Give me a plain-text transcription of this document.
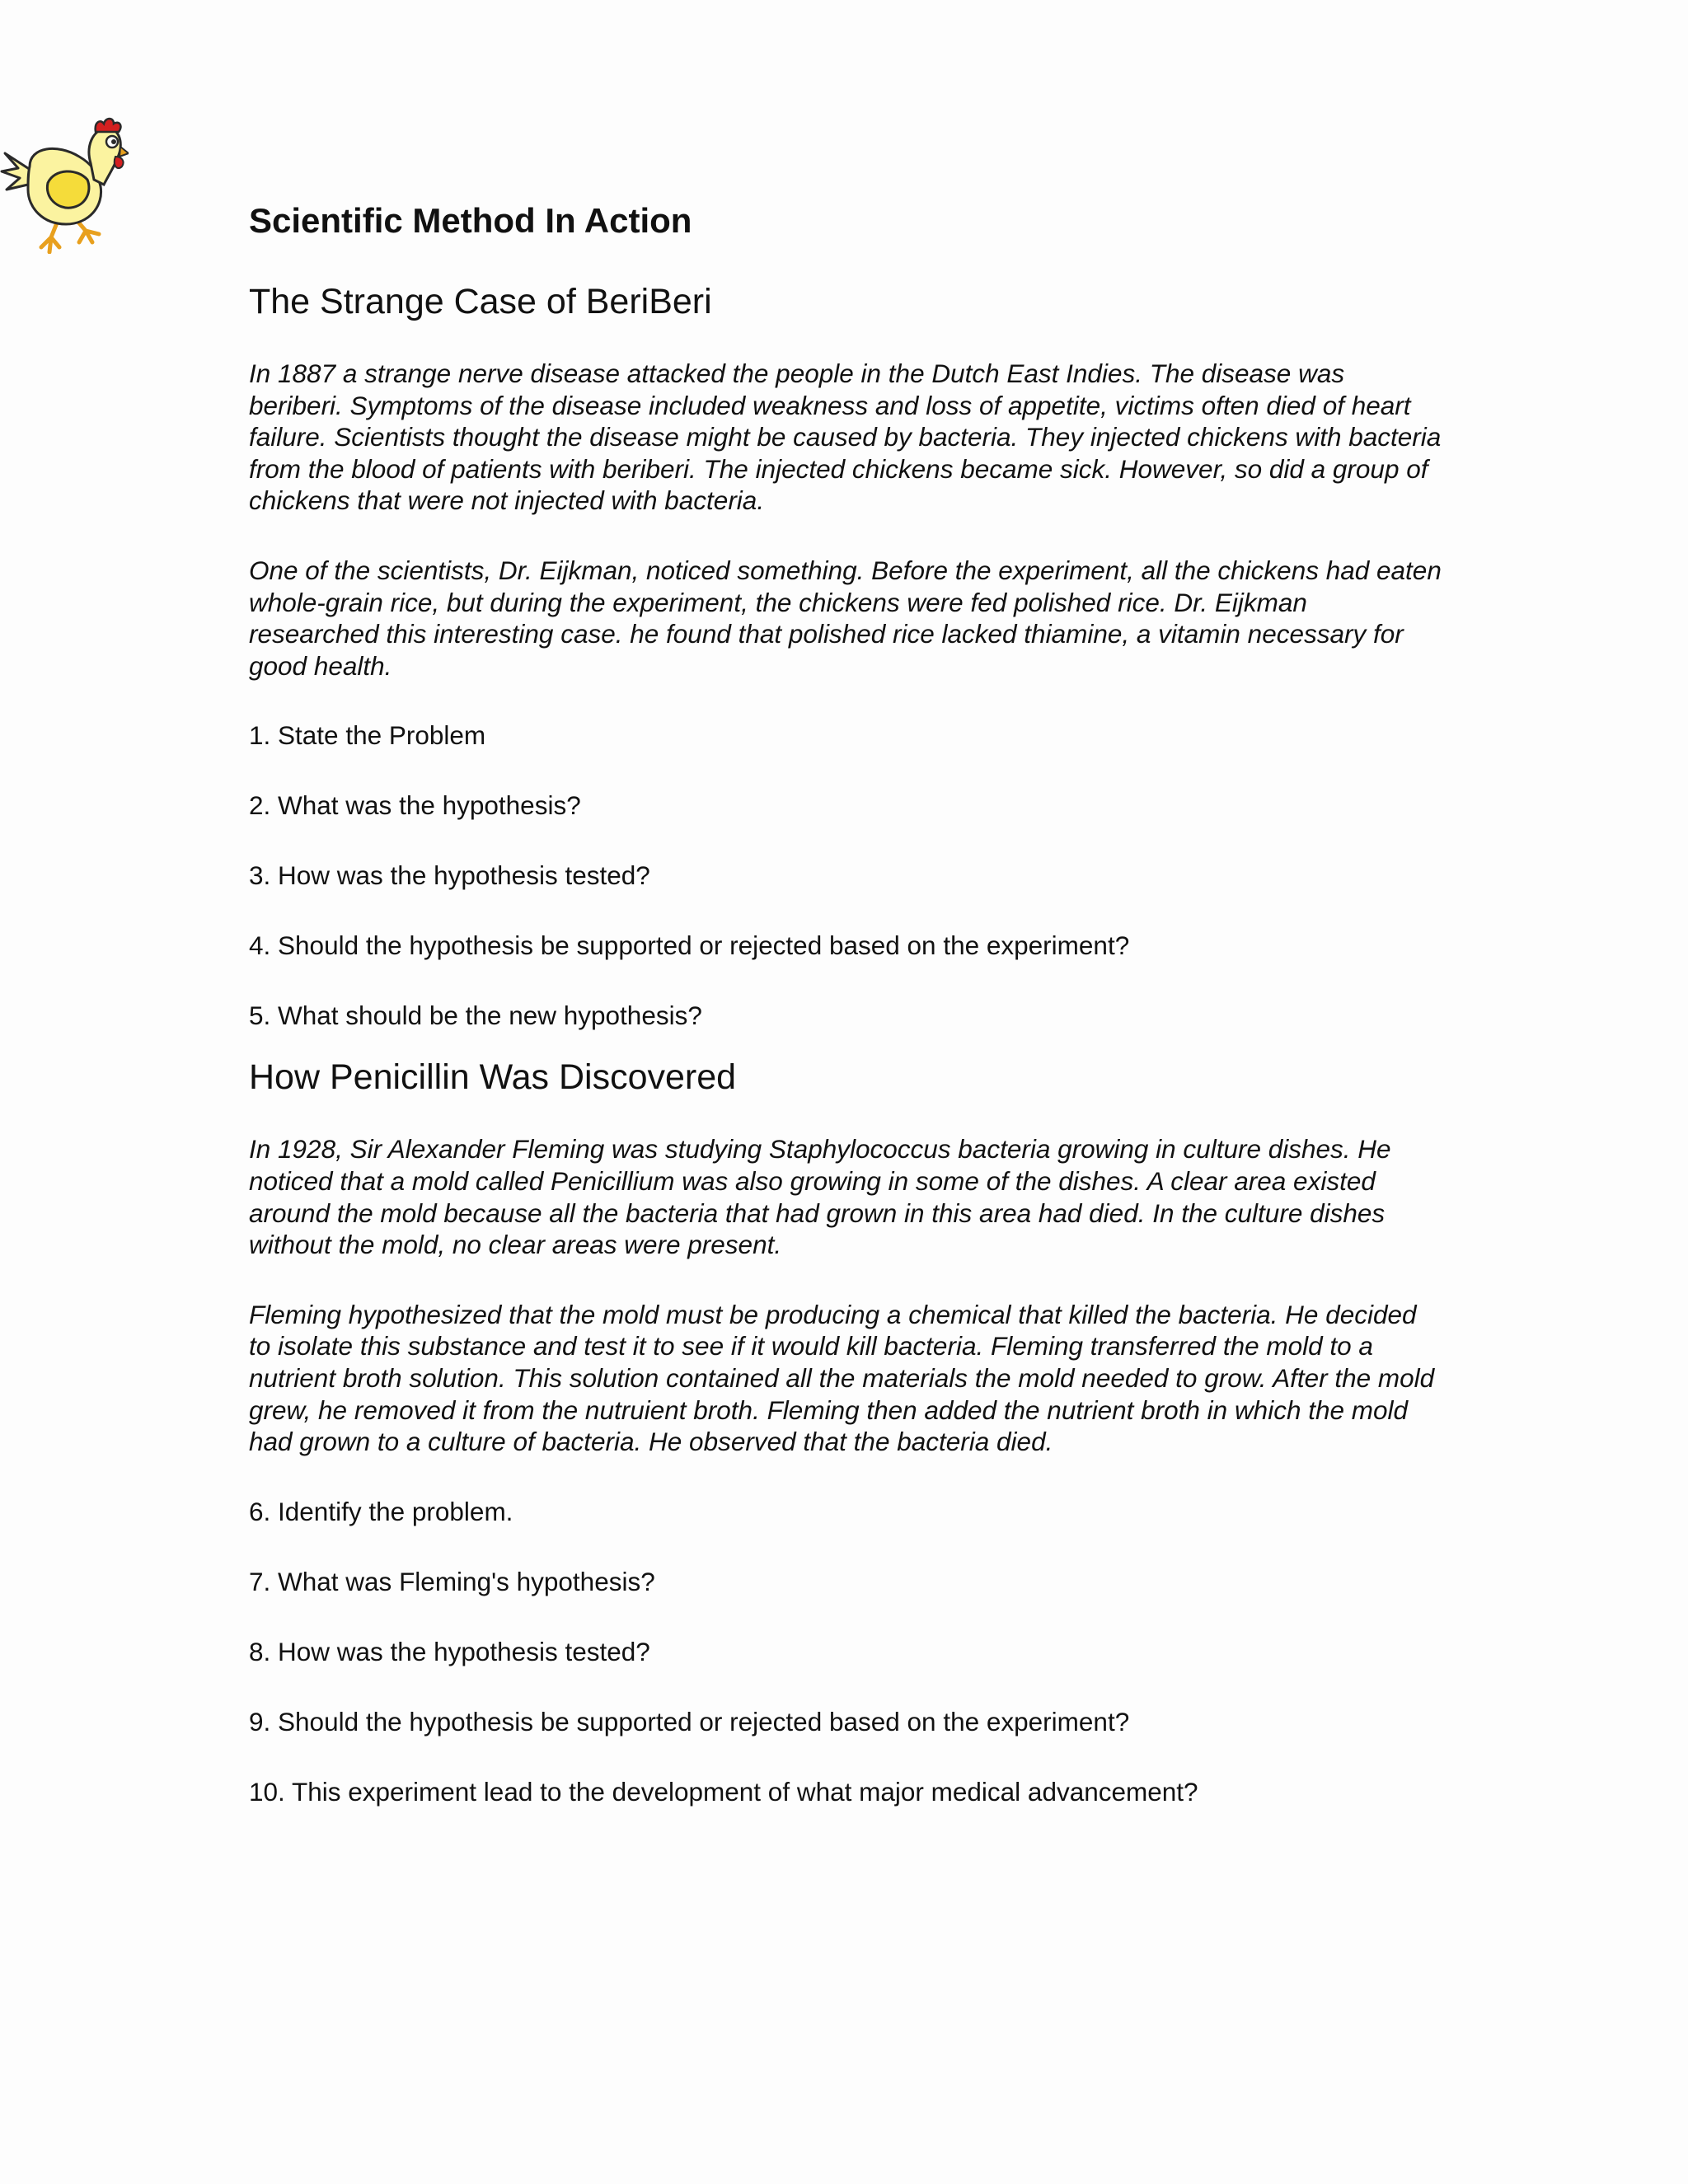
Scientific Method In Action
The Strange Case of BeriBeri

In 1887 a strange nerve disease attacked the people in the Dutch East Indies. The disease was beriberi. Symptoms of the disease included weakness and loss of appetite, victims often died of heart failure. Scientists thought the disease might be caused by bacteria. They injected chickens with bacteria from the blood of patients with beriberi. The injected chickens became sick. However, so did a group of chickens that were not injected with bacteria.

One of the scientists, Dr. Eijkman, noticed something. Before the experiment, all the chickens had eaten whole-grain rice, but during the experiment, the chickens were fed polished rice. Dr. Eijkman researched this interesting case. he found that polished rice lacked thiamine, a vitamin necessary for good health.

1. State the Problem
2. What was the hypothesis?
3. How was the hypothesis tested?
4. Should the hypothesis be supported or rejected based on the experiment?
5. What should be the new hypothesis?
How Penicillin Was Discovered

In 1928, Sir Alexander Fleming was studying Staphylococcus bacteria growing in culture dishes. He noticed that a mold called Penicillium was also growing in some of the dishes. A clear area existed around the mold because all the bacteria that had grown in this area had died. In the culture dishes without the mold, no clear areas were present.

Fleming hypothesized that the mold must be producing a chemical that killed the bacteria. He decided to isolate this substance and test it to see if it would kill bacteria. Fleming transferred the mold to a nutrient broth solution. This solution contained all the materials the mold needed to grow. After the mold grew, he removed it from the nutruient broth. Fleming then added the nutrient broth in which the mold had grown to a culture of bacteria. He observed that the bacteria died.

6. Identify the problem.
7. What was Fleming's hypothesis?
8. How was the hypothesis tested?
9. Should the hypothesis be supported or rejected based on the experiment?
10. This experiment lead to the development of what major medical advancement?
